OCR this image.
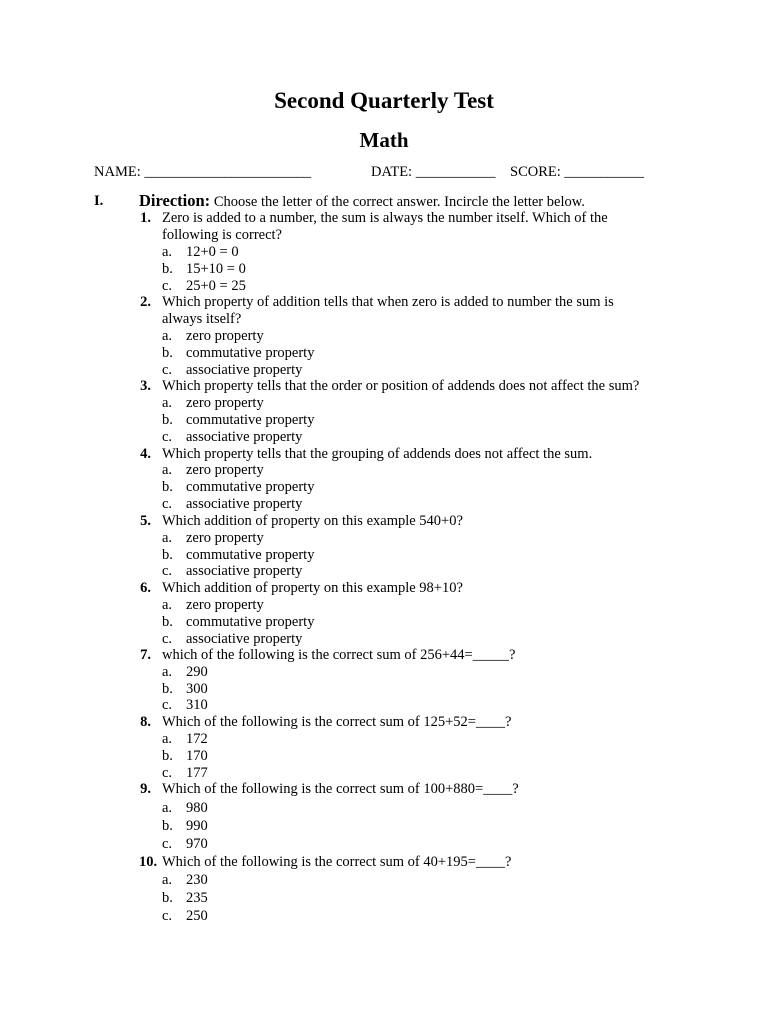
Second Quarterly Test
Math
NAME: _______________________	DATE: ___________ SCORE: ___________
I. Direction: Choose the letter of the correct answer. Incircle the letter below.
1. Zero is added to a number, the sum is always the number itself. Which of the following is correct?
a. 12+0 = 0
b. 15+10 = 0
c. 25+0 = 25
2. Which property of addition tells that when zero is added to number the sum is always itself?
a. zero property
b. commutative property
c. associative property
3. Which property tells that the order or position of addends does not affect the sum?
a. zero property
b. commutative property
c. associative property
4. Which property tells that the grouping of addends does not affect the sum.
a. zero property
b. commutative property
c. associative property
5. Which addition of property on this example 540+0?
a. zero property
b. commutative property
c. associative property
6. Which addition of property on this example 98+10?
a. zero property
b. commutative property
c. associative property
7. which of the following is the correct sum of 256+44=_____?
a. 290
b. 300
c. 310
8. Which of the following is the correct sum of 125+52=____?
a. 172
b. 170
c. 177
9. Which of the following is the correct sum of 100+880=____?
a. 980
b. 990
c. 970
10. Which of the following is the correct sum of 40+195=____?
a. 230
b. 235
c. 250
